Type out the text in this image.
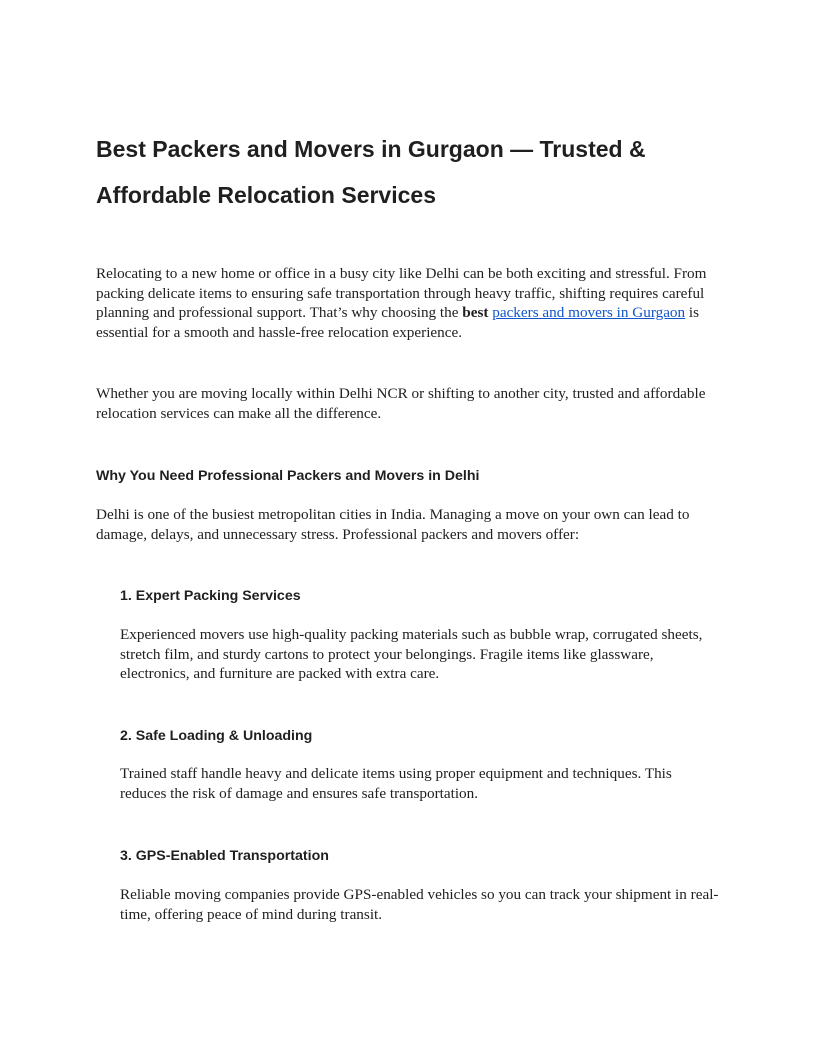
Best Packers and Movers in Gurgaon — Trusted & Affordable Relocation Services

Relocating to a new home or office in a busy city like Delhi can be both exciting and stressful. From packing delicate items to ensuring safe transportation through heavy traffic, shifting requires careful planning and professional support. That’s why choosing the best packers and movers in Gurgaon is essential for a smooth and hassle-free relocation experience.

Whether you are moving locally within Delhi NCR or shifting to another city, trusted and affordable relocation services can make all the difference.

Why You Need Professional Packers and Movers in Delhi

Delhi is one of the busiest metropolitan cities in India. Managing a move on your own can lead to damage, delays, and unnecessary stress. Professional packers and movers offer:

1. Expert Packing Services

Experienced movers use high-quality packing materials such as bubble wrap, corrugated sheets, stretch film, and sturdy cartons to protect your belongings. Fragile items like glassware, electronics, and furniture are packed with extra care.

2. Safe Loading & Unloading

Trained staff handle heavy and delicate items using proper equipment and techniques. This reduces the risk of damage and ensures safe transportation.

3. GPS-Enabled Transportation

Reliable moving companies provide GPS-enabled vehicles so you can track your shipment in real-time, offering peace of mind during transit.
